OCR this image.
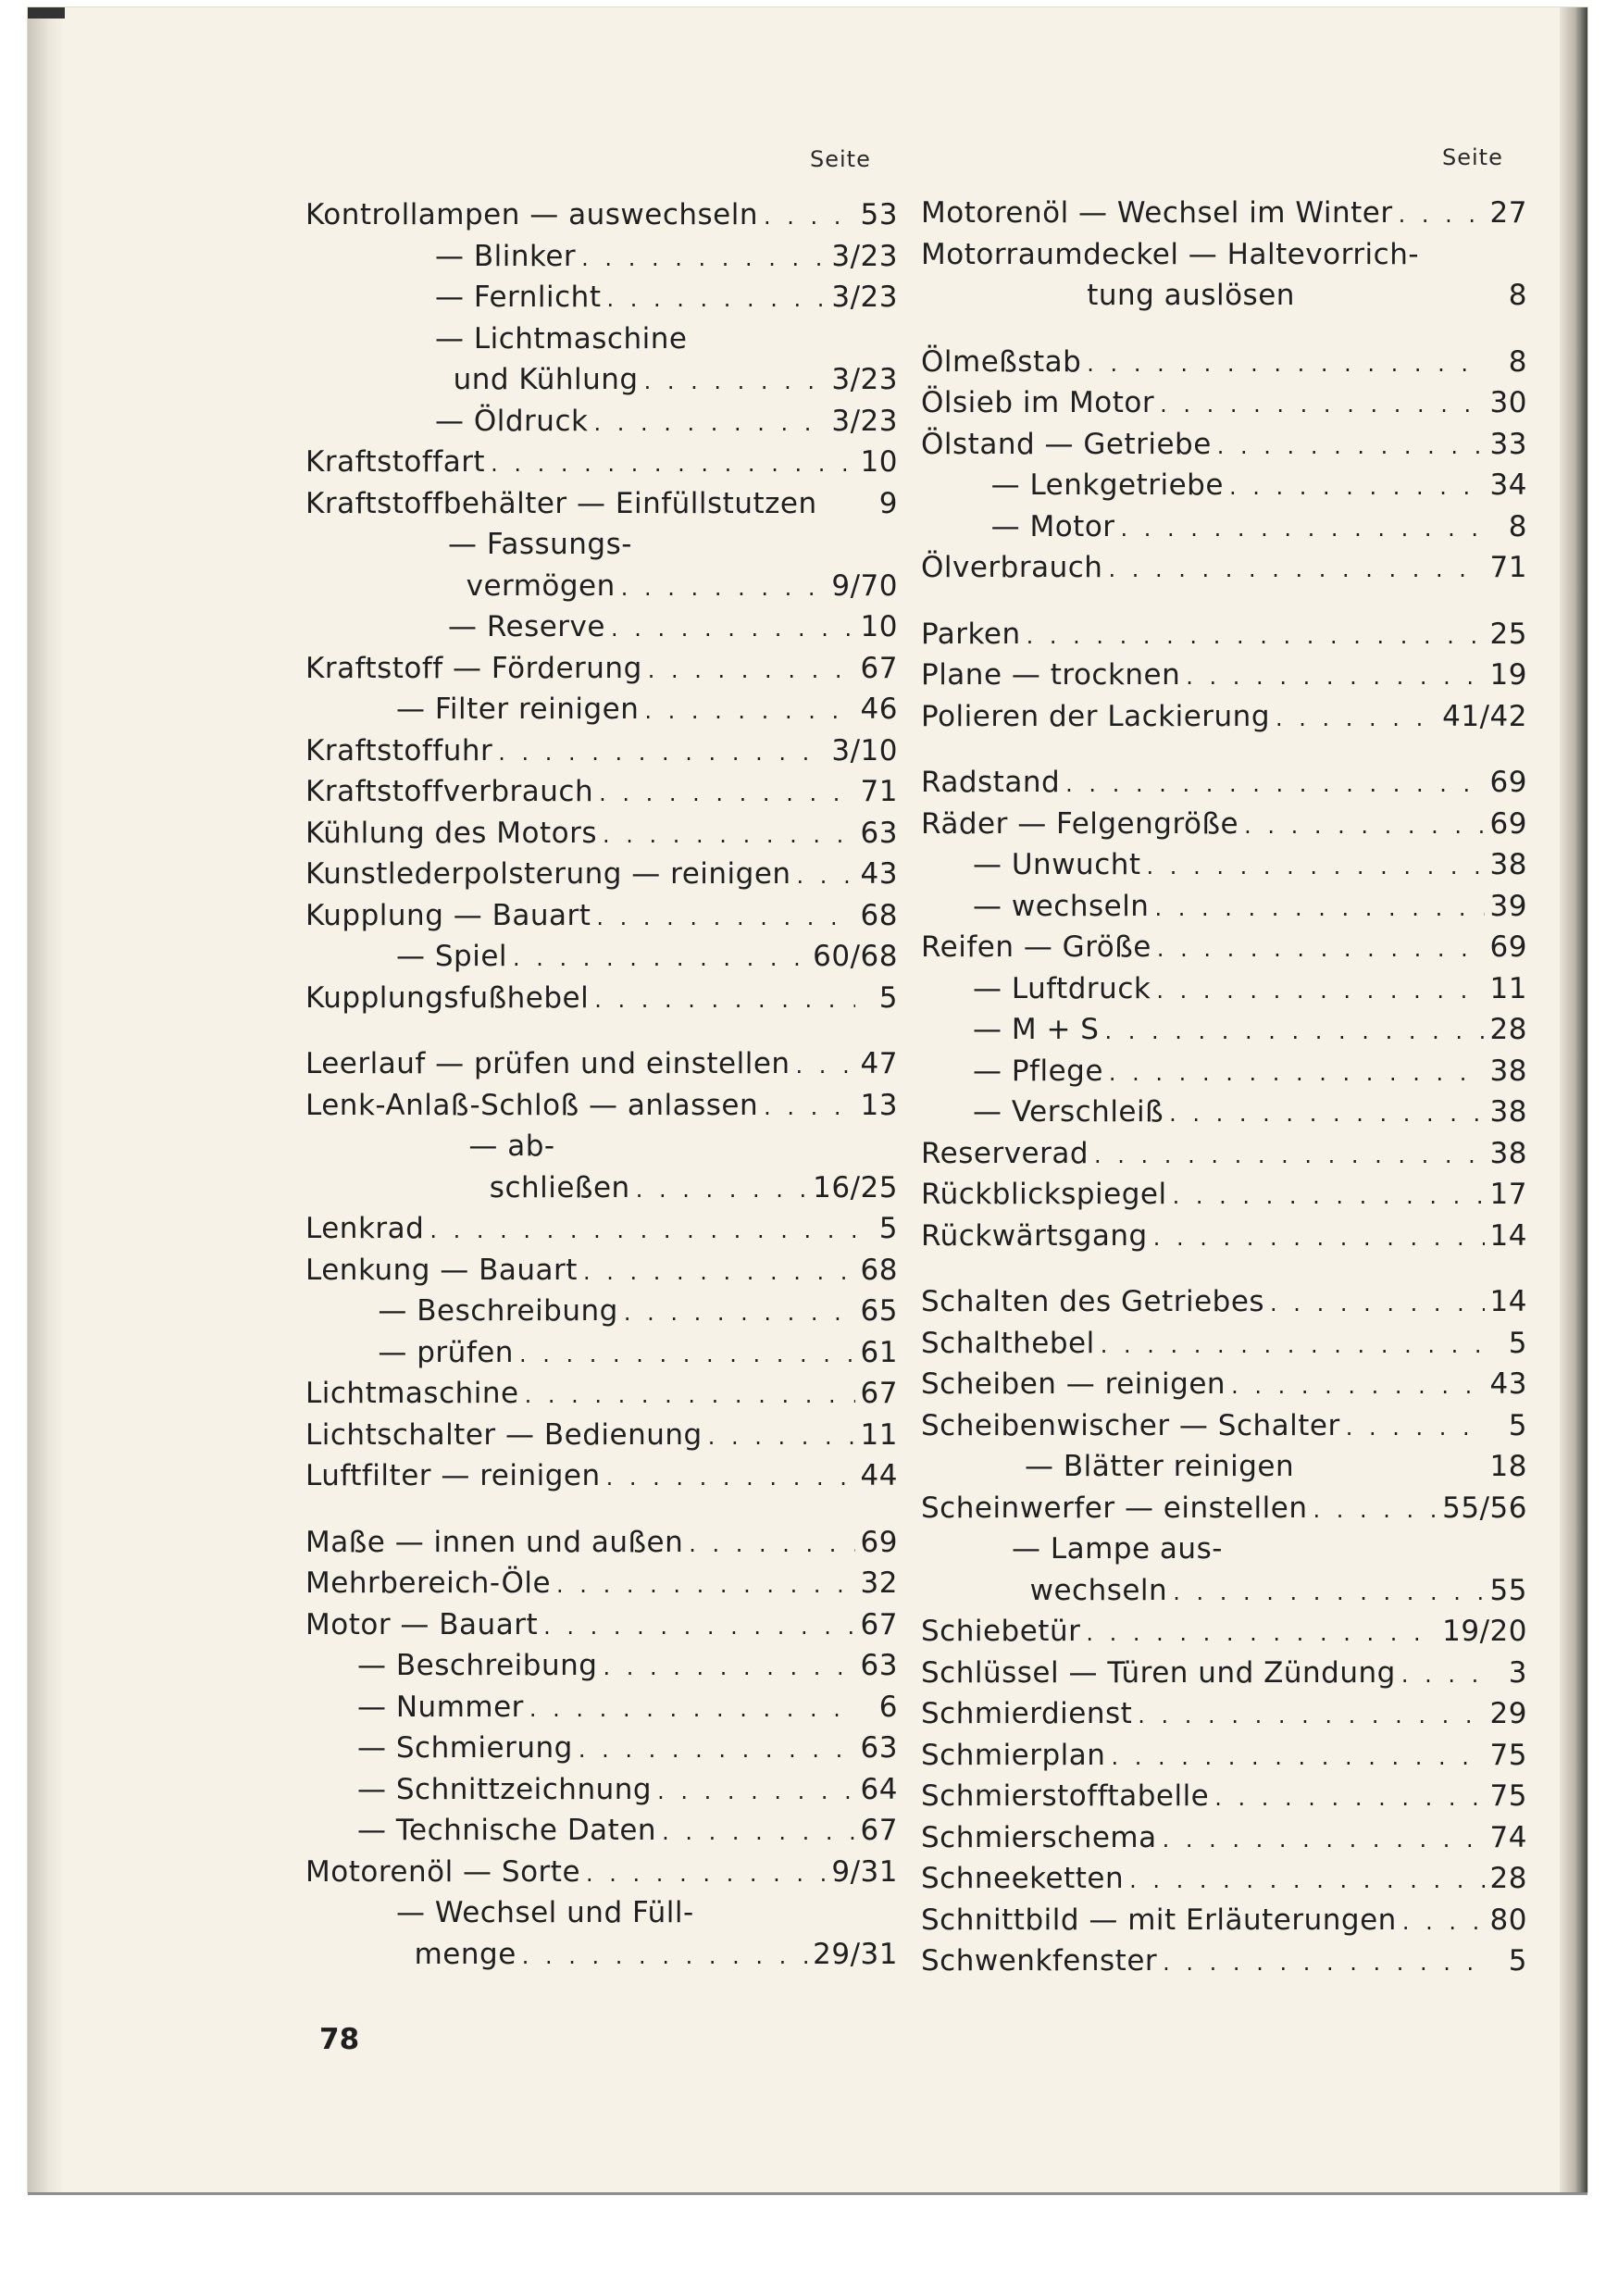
Seite	Seite
Kontrollampen — auswechseln . . .	53
— Blinker . . .	3/23
— Fernlicht . . .	3/23
— Lichtmaschine
und Kühlung . . .	3/23
— Öldruck . . .	3/23
Kraftstoffart . . .	10
Kraftstoffbehälter — Einfüllstutzen	9
— Fassungs-
vermögen . . .	9/70
— Reserve . . .	10
Kraftstoff — Förderung . . .	67
— Filter reinigen . . .	46
Kraftstoffuhr . . .	3/10
Kraftstoffverbrauch . . .	71
Kühlung des Motors . . .	63
Kunstlederpolsterung — reinigen . . . 43
Kupplung — Bauart . . .	68
— Spiel . . .	60/68
Kupplungsfußhebel . . .	5
Leerlauf — prüfen und einstellen . . . 47
Lenk-Anlaß-Schloß — anlassen . . .	13
— ab-
schließen . . .	16/25
Lenkrad . . .	5
Lenkung — Bauart . . .	68
— Beschreibung . . .	65
— prüfen . . .	61
Lichtmaschine . . .	67
Lichtschalter — Bedienung . . .	11
Luftfilter — reinigen . . .	44
Maße — innen und außen . . .	69
Mehrbereich-Öle . . .	32
Motor — Bauart . . .	67
— Beschreibung . . .	63
— Nummer . . .	6
— Schmierung . . .	63
— Schnittzeichnung . . .	64
— Technische Daten . . .	67
Motorenöl — Sorte . . .	9/31
— Wechsel und Füll-
menge . . .	29/31
Motorenöl — Wechsel im Winter . . .	27
Motorraumdeckel — Haltevorrich-
tung auslösen	8
Ölmeßstab . . .	8
Ölsieb im Motor . . .	30
Ölstand — Getriebe . . .	33
— Lenkgetriebe . . .	34
— Motor . . .	8
Ölverbrauch . . .	71
Parken . . .	25
Plane — trocknen . . .	19
Polieren der Lackierung . . .	41/42
Radstand . . .	69
Räder — Felgengröße . . .	69
— Unwucht . . .	38
— wechseln . . .	39
Reifen — Größe . . .	69
— Luftdruck . . .	11
— M + S . . .	28
— Pflege . . .	38
— Verschleiß . . .	38
Reserverad . . .	38
Rückblickspiegel . . .	17
Rückwärtsgang . . .	14
Schalten des Getriebes . . .	14
Schalthebel . . .	5
Scheiben — reinigen . . .	43
Scheibenwischer — Schalter . . .	5
— Blätter reinigen	18
Scheinwerfer — einstellen . . .	55/56
— Lampe aus-
wechseln . . .	55
Schiebetür . . .	19/20
Schlüssel — Türen und Zündung . . .	3
Schmierdienst . . .	29
Schmierplan . . .	75
Schmierstofftabelle . . .	75
Schmierschema . . .	74
Schneeketten . . .	28
Schnittbild — mit Erläuterungen . . .	80
Schwenkfenster . . .	5
78
